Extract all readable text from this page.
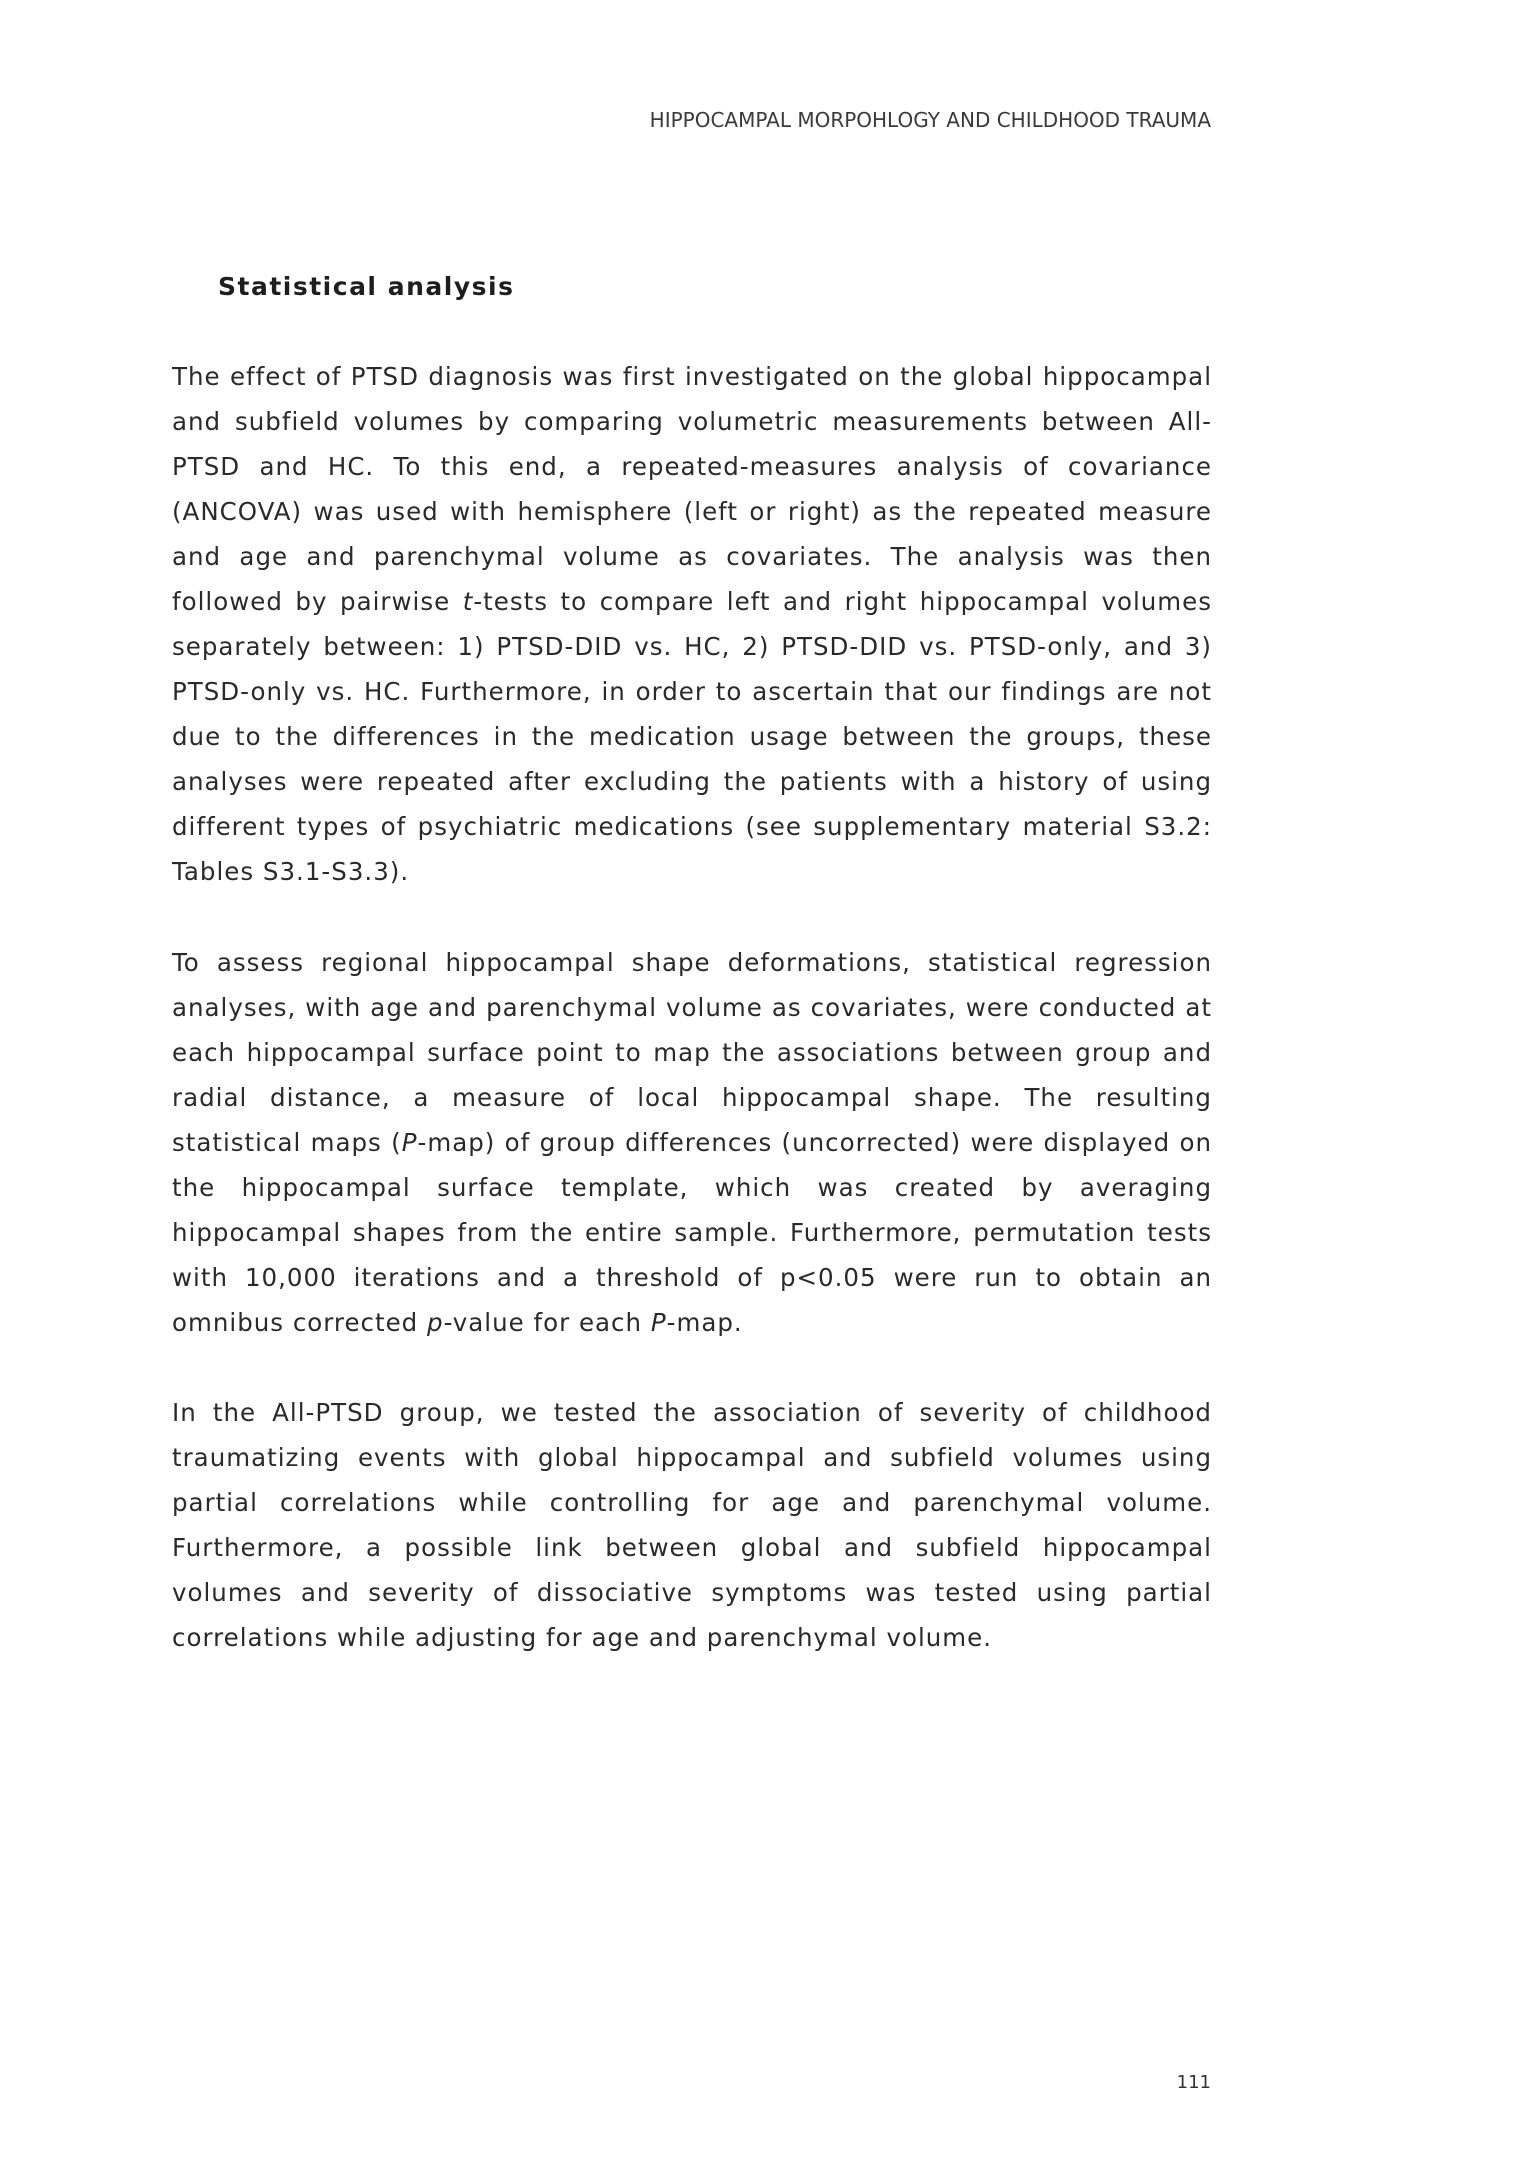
HIPPOCAMPAL MORPOHLOGY AND CHILDHOOD TRAUMA
Statistical analysis

The effect of PTSD diagnosis was first investigated on the global hippocampal and subfield volumes by comparing volumetric measurements between All-PTSD and HC. To this end, a repeated-measures analysis of covariance (ANCOVA) was used with hemisphere (left or right) as the repeated measure and age and parenchymal volume as covariates. The analysis was then followed by pairwise t-tests to compare left and right hippocampal volumes separately between: 1) PTSD-DID vs. HC, 2) PTSD-DID vs. PTSD-only, and 3) PTSD-only vs. HC. Furthermore, in order to ascertain that our findings are not due to the differences in the medication usage between the groups, these analyses were repeated after excluding the patients with a history of using different types of psychiatric medications (see supplementary material S3.2: Tables S3.1-S3.3).

To assess regional hippocampal shape deformations, statistical regression analyses, with age and parenchymal volume as covariates, were conducted at each hippocampal surface point to map the associations between group and radial distance, a measure of local hippocampal shape. The resulting statistical maps (P-map) of group differences (uncorrected) were displayed on the hippocampal surface template, which was created by averaging hippocampal shapes from the entire sample. Furthermore, permutation tests with 10,000 iterations and a threshold of p<0.05 were run to obtain an omnibus corrected p-value for each P-map.

In the All-PTSD group, we tested the association of severity of childhood traumatizing events with global hippocampal and subfield volumes using partial correlations while controlling for age and parenchymal volume. Furthermore, a possible link between global and subfield hippocampal volumes and severity of dissociative symptoms was tested using partial correlations while adjusting for age and parenchymal volume.

111
